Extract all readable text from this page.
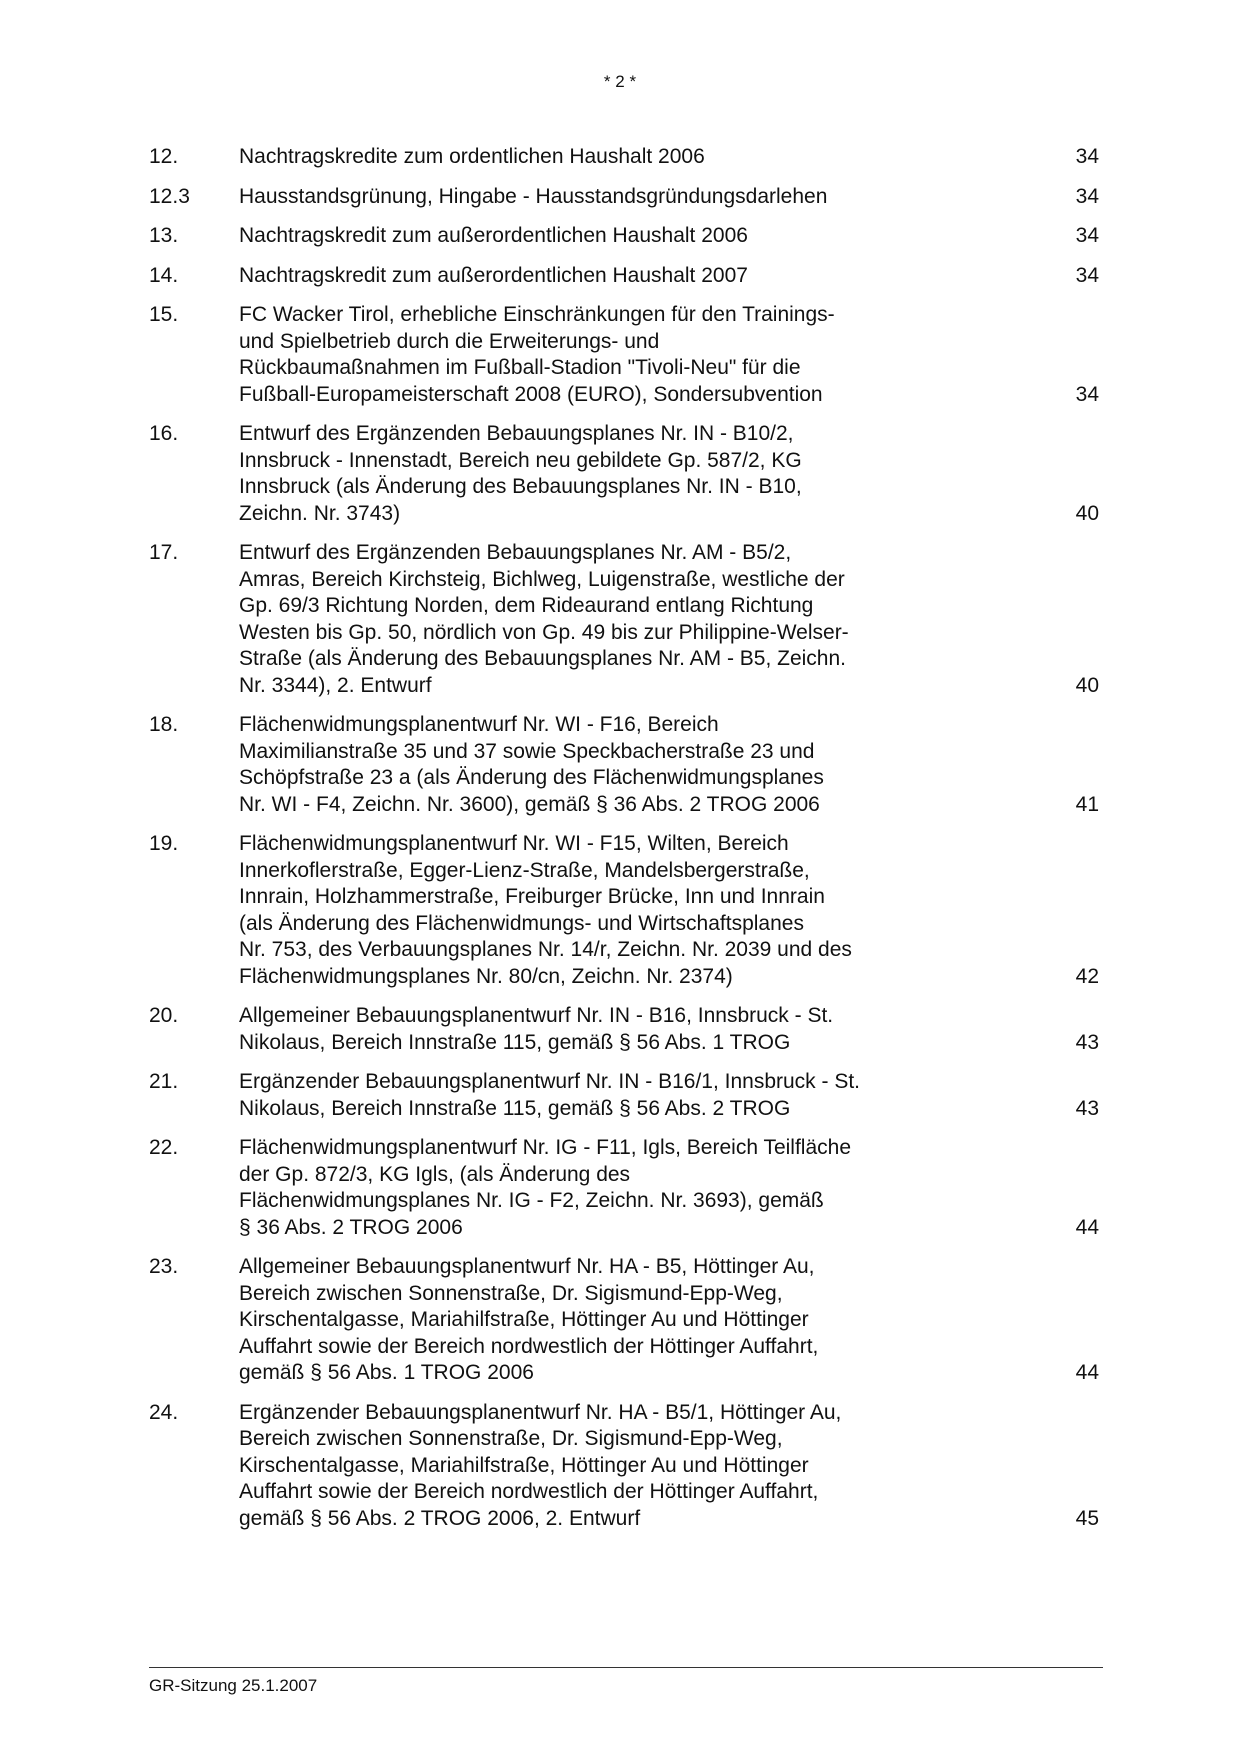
* 2 *
12.	Nachtragskredite zum ordentlichen Haushalt 2006	34
12.3	Hausstandsgrünung, Hingabe - Hausstandsgründungsdarlehen	34
13.	Nachtragskredit zum außerordentlichen Haushalt 2006	34
14.	Nachtragskredit zum außerordentlichen Haushalt 2007	34
15.	FC Wacker Tirol, erhebliche Einschränkungen für den Trainings-
und Spielbetrieb durch die Erweiterungs- und
Rückbaumaßnahmen im Fußball-Stadion "Tivoli-Neu" für die
Fußball-Europameisterschaft 2008 (EURO), Sondersubvention	34
16.	Entwurf des Ergänzenden Bebauungsplanes Nr. IN - B10/2,
Innsbruck - Innenstadt, Bereich neu gebildete Gp. 587/2, KG
Innsbruck (als Änderung des Bebauungsplanes Nr. IN - B10,
Zeichn. Nr. 3743)	40
17.	Entwurf des Ergänzenden Bebauungsplanes Nr. AM - B5/2,
Amras, Bereich Kirchsteig, Bichlweg, Luigenstraße, westliche der
Gp. 69/3 Richtung Norden, dem Rideaurand entlang Richtung
Westen bis Gp. 50, nördlich von Gp. 49 bis zur Philippine-Welser-
Straße (als Änderung des Bebauungsplanes Nr. AM - B5, Zeichn.
Nr. 3344), 2. Entwurf	40
18.	Flächenwidmungsplanentwurf Nr. WI - F16, Bereich
Maximilianstraße 35 und 37 sowie Speckbacherstraße 23 und
Schöpfstraße 23 a (als Änderung des Flächenwidmungsplanes
Nr. WI - F4, Zeichn. Nr. 3600), gemäß § 36 Abs. 2 TROG 2006	41
19.	Flächenwidmungsplanentwurf Nr. WI - F15, Wilten, Bereich
Innerkoflerstraße, Egger-Lienz-Straße, Mandelsbergerstraße,
Innrain, Holzhammerstraße, Freiburger Brücke, Inn und Innrain
(als Änderung des Flächenwidmungs- und Wirtschaftsplanes
Nr. 753, des Verbauungsplanes Nr. 14/r, Zeichn. Nr. 2039 und des
Flächenwidmungsplanes Nr. 80/cn, Zeichn. Nr. 2374)	42
20.	Allgemeiner Bebauungsplanentwurf Nr. IN - B16, Innsbruck - St.
Nikolaus, Bereich Innstraße 115, gemäß § 56 Abs. 1 TROG	43
21.	Ergänzender Bebauungsplanentwurf Nr. IN - B16/1, Innsbruck - St.
Nikolaus, Bereich Innstraße 115, gemäß § 56 Abs. 2 TROG	43
22.	Flächenwidmungsplanentwurf Nr. IG - F11, Igls, Bereich Teilfläche
der Gp. 872/3, KG Igls, (als Änderung des
Flächenwidmungsplanes Nr. IG - F2, Zeichn. Nr. 3693), gemäß
§ 36 Abs. 2 TROG 2006	44
23.	Allgemeiner Bebauungsplanentwurf Nr. HA - B5, Höttinger Au,
Bereich zwischen Sonnenstraße, Dr. Sigismund-Epp-Weg,
Kirschentalgasse, Mariahilfstraße, Höttinger Au und Höttinger
Auffahrt sowie der Bereich nordwestlich der Höttinger Auffahrt,
gemäß § 56 Abs. 1 TROG 2006	44
24.	Ergänzender Bebauungsplanentwurf Nr. HA - B5/1, Höttinger Au,
Bereich zwischen Sonnenstraße, Dr. Sigismund-Epp-Weg,
Kirschentalgasse, Mariahilfstraße, Höttinger Au und Höttinger
Auffahrt sowie der Bereich nordwestlich der Höttinger Auffahrt,
gemäß § 56 Abs. 2 TROG 2006, 2. Entwurf	45
GR-Sitzung 25.1.2007
